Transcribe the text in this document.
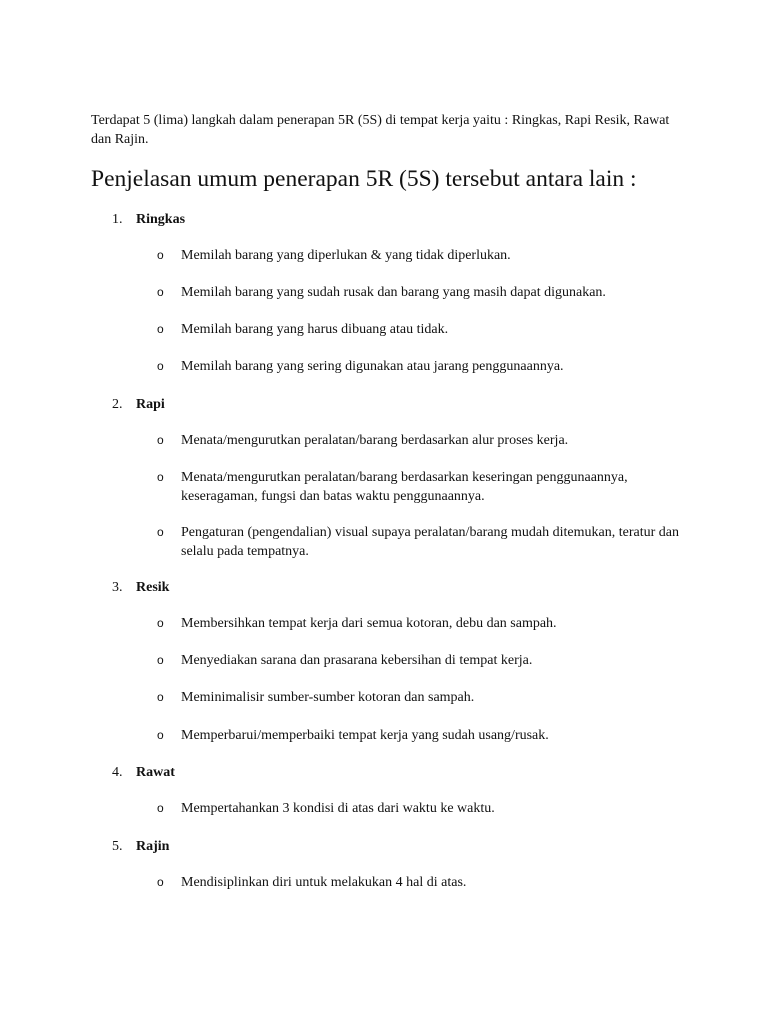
Terdapat 5 (lima) langkah dalam penerapan 5R (5S) di tempat kerja yaitu : Ringkas, Rapi Resik, Rawat dan Rajin.
Penjelasan umum penerapan 5R (5S) tersebut antara lain :
1. Ringkas
o Memilah barang yang diperlukan & yang tidak diperlukan.
o Memilah barang yang sudah rusak dan barang yang masih dapat digunakan.
o Memilah barang yang harus dibuang atau tidak.
o Memilah barang yang sering digunakan atau jarang penggunaannya.
2. Rapi
o Menata/mengurutkan peralatan/barang berdasarkan alur proses kerja.
o Menata/mengurutkan peralatan/barang berdasarkan keseringan penggunaannya, keseragaman, fungsi dan batas waktu penggunaannya.
o Pengaturan (pengendalian) visual supaya peralatan/barang mudah ditemukan, teratur dan selalu pada tempatnya.
3. Resik
o Membersihkan tempat kerja dari semua kotoran, debu dan sampah.
o Menyediakan sarana dan prasarana kebersihan di tempat kerja.
o Meminimalisir sumber-sumber kotoran dan sampah.
o Memperbarui/memperbaiki tempat kerja yang sudah usang/rusak.
4. Rawat
o Mempertahankan 3 kondisi di atas dari waktu ke waktu.
5. Rajin
o Mendisiplinkan diri untuk melakukan 4 hal di atas.
